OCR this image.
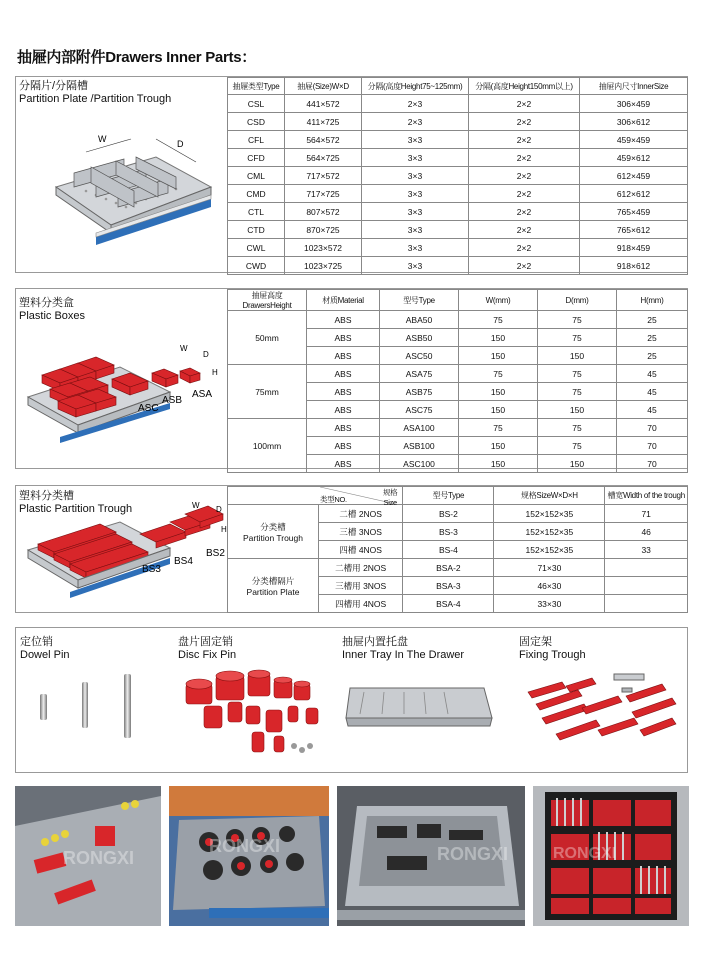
抽屜内部附件Drawers Inner Parts：
分隔片/分隔槽
Partition Plate /Partition Trough
W	D
抽屜类型Type	抽屉(Size)W×D	分隔(高度Height75~125mm)	分隔(高度Height150mm以上)	抽屉内尺寸InnerSize
CSL	441×572	2×3	2×2	306×459
CSD	411×725	2×3	2×2	306×612
CFL	564×572	3×3	2×2	459×459
CFD	564×725	3×3	2×2	459×612
CML	717×572	3×3	2×2	612×459
CMD	717×725	3×3	2×2	612×612
CTL	807×572	3×3	2×2	765×459
CTD	870×725	3×3	2×2	765×612
CWL	1023×572	3×3	2×2	918×459
CWD	1023×725	3×3	2×2	918×612
塑料分类盒
Plastic Boxes
ASC
ASB
ASA
W
D
H
抽屉高度DrawersHeight	材质Material	型号Type	W(mm)	D(mm)	H(mm)
50mm	ABS	ABA50	75	75	25
	ABS	ASB50	150	75	25
	ABS	ASC50	150	150	25
75mm	ABS	ASA75	75	75	45
	ABS	ASB75	150	75	45
	ABS	ASC75	150	150	45
100mm	ABS	ASA100	75	75	70
	ABS	ASB100	150	75	70
	ABS	ASC100	150	150	70
塑料分类槽
Plastic Partition Trough
BS3
BS4
BS2
W D
H
类型NO.
规格Size		型号Type	规格SizeW×D×H	槽宽Width of the trough

分类槽
Partition Trough	二槽 2NOS	BS-2	152×152×35	71
	三槽 3NOS	BS-3	152×152×35	46
	四槽 4NOS	BS-4	152×152×35	33

分类槽隔片
Partition Plate	二槽用 2NOS	BSA-2	71×30	
	三槽用 3NOS	BSA-3	46×30	
	四槽用 4NOS	BSA-4	33×30	
定位销
Dowel Pin
盘片固定销
Disc Fix Pin
抽屉内置托盘
Inner Tray In The Drawer
固定架
Fixing Trough
RONGXI
RONGXI	RONGXI	RONGXI
